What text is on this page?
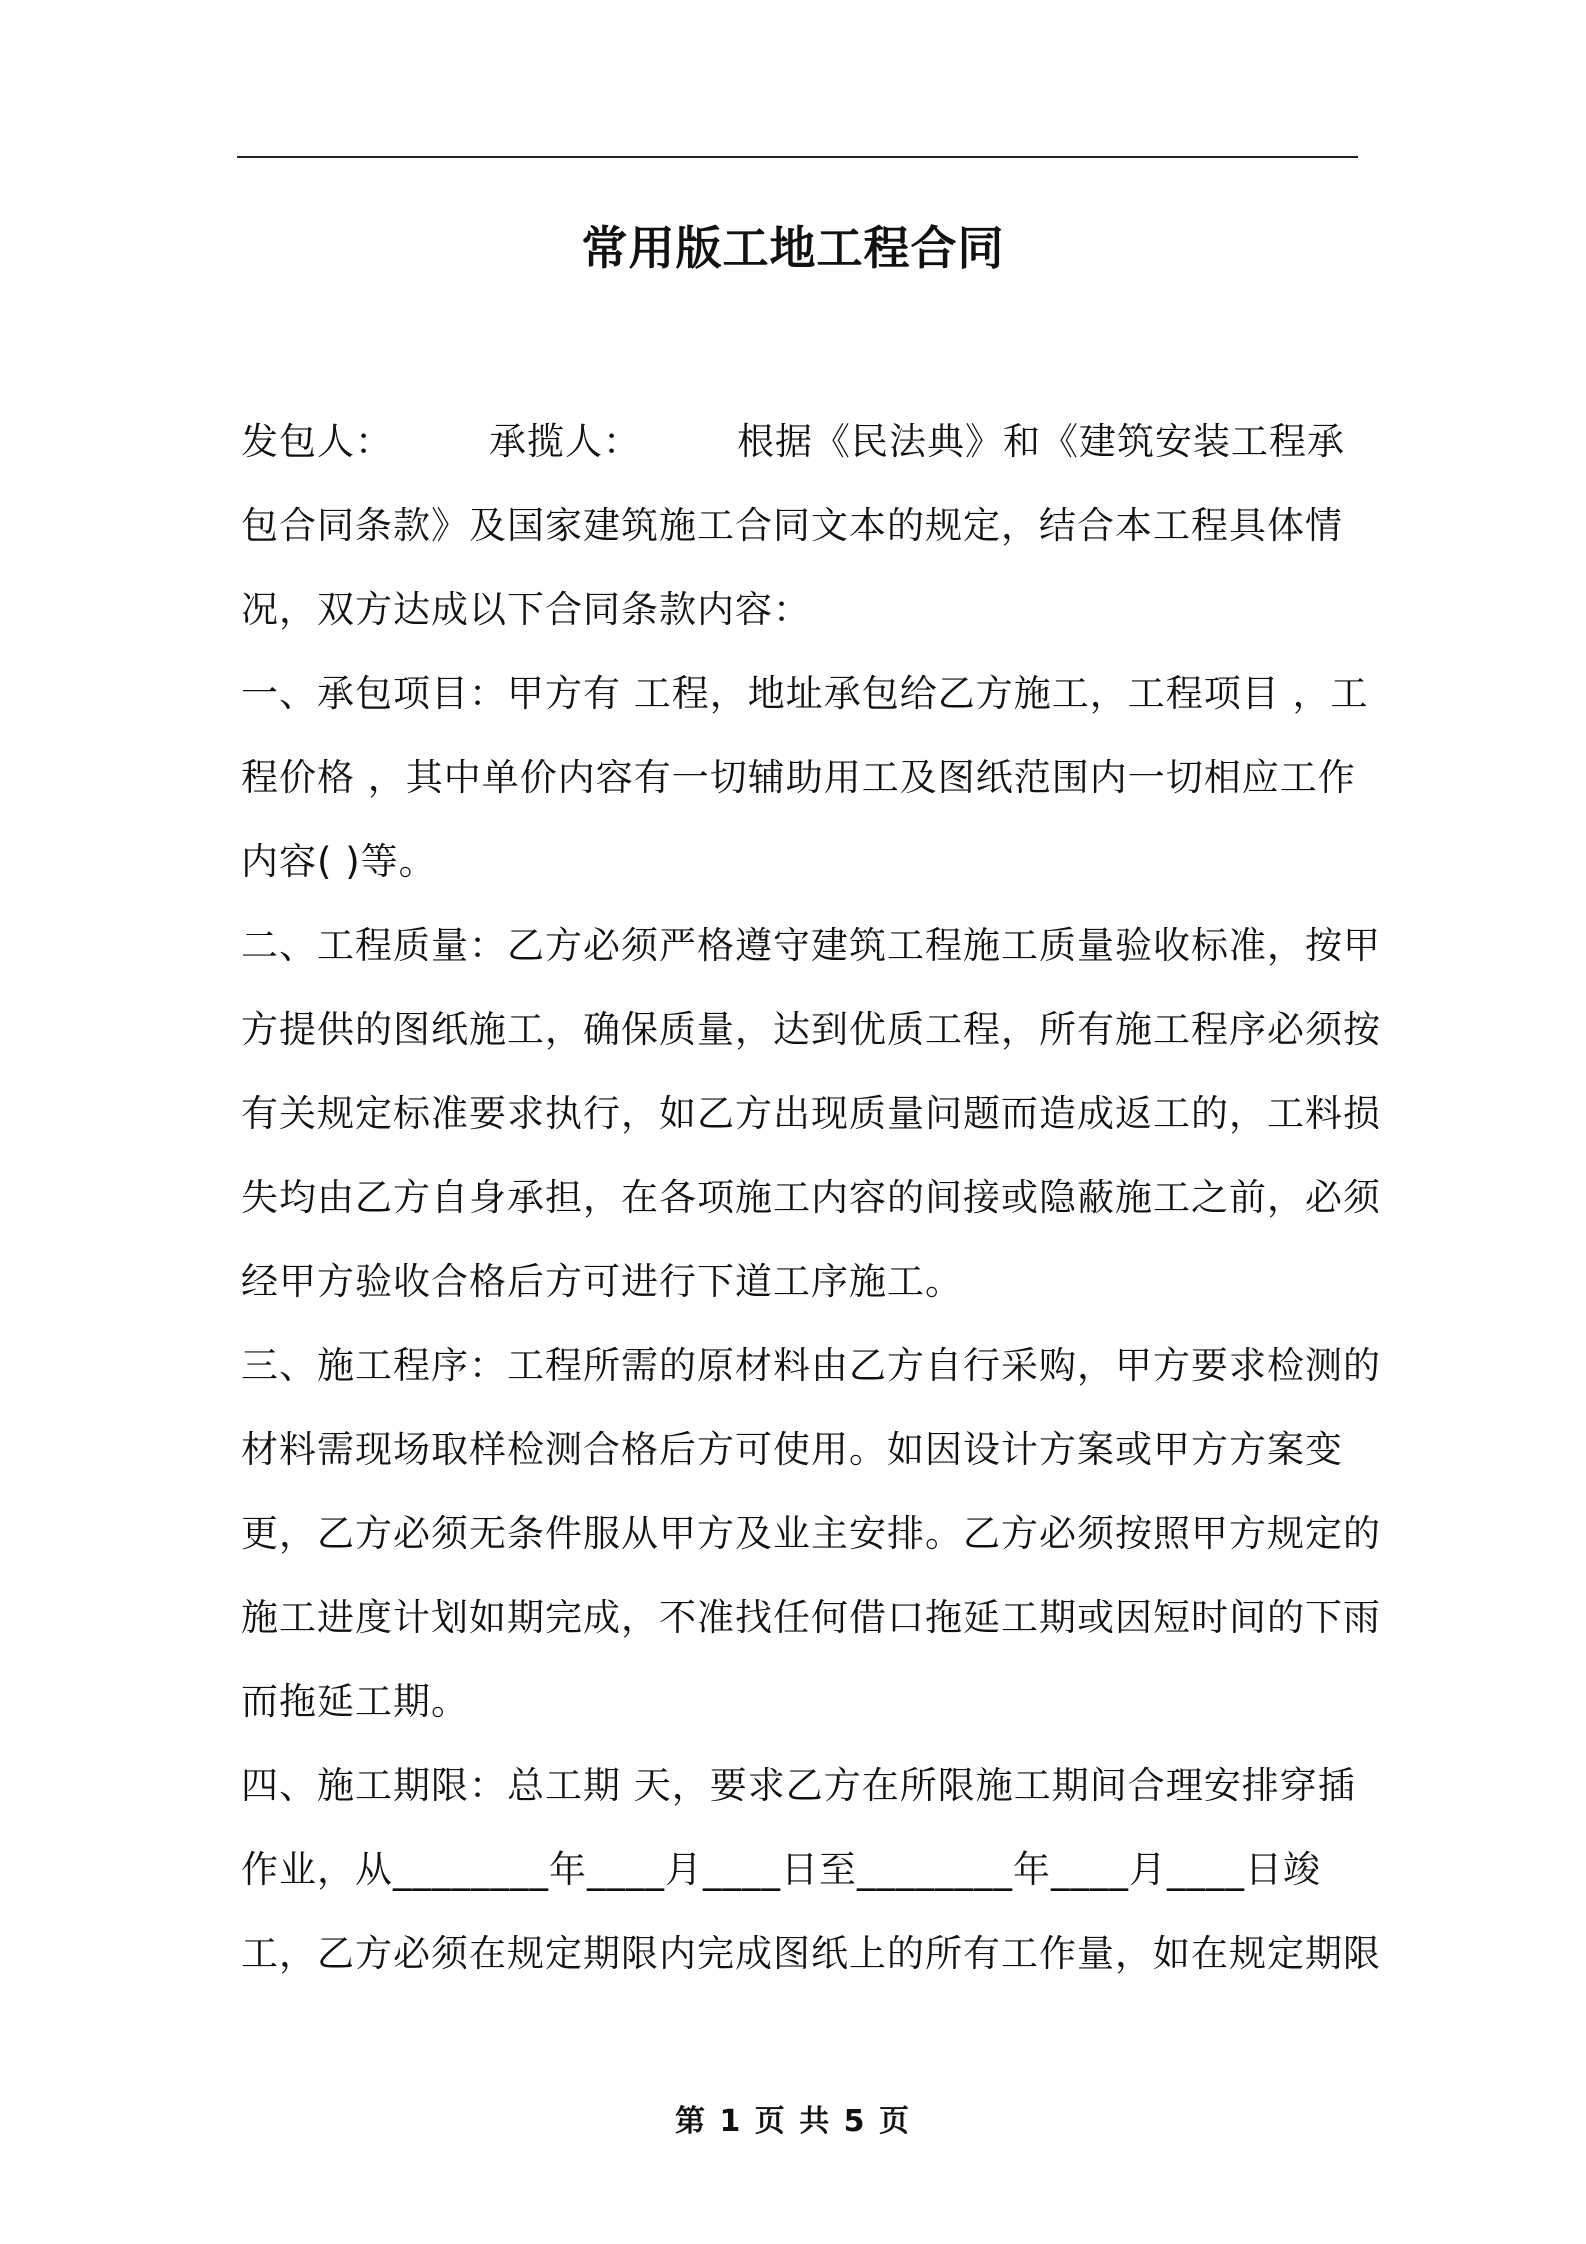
常用版工地工程合同

发包人：	承揽人：	根据《民法典》和《建筑安装工程承包合同条款》及国家建筑施工合同文本的规定，结合本工程具体情况，双方达成以下合同条款内容：

一、承包项目：甲方有 工程，地址承包给乙方施工，工程项目 ，工程价格 ，其中单价内容有一切辅助用工及图纸范围内一切相应工作内容( )等。

二、工程质量：乙方必须严格遵守建筑工程施工质量验收标准，按甲方提供的图纸施工，确保质量，达到优质工程，所有施工程序必须按有关规定标准要求执行，如乙方出现质量问题而造成返工的，工料损失均由乙方自身承担，在各项施工内容的间接或隐蔽施工之前，必须经甲方验收合格后方可进行下道工序施工。

三、施工程序：工程所需的原材料由乙方自行采购，甲方要求检测的材料需现场取样检测合格后方可使用。如因设计方案或甲方方案变更，乙方必须无条件服从甲方及业主安排。乙方必须按照甲方规定的施工进度计划如期完成，不准找任何借口拖延工期或因短时间的下雨而拖延工期。

四、施工期限：总工期 天，要求乙方在所限施工期间合理安排穿插作业，从________年____月____日至________年____月____日竣工，乙方必须在规定期限内完成图纸上的所有工作量，如在规定期限

第 1 页 共 5 页
